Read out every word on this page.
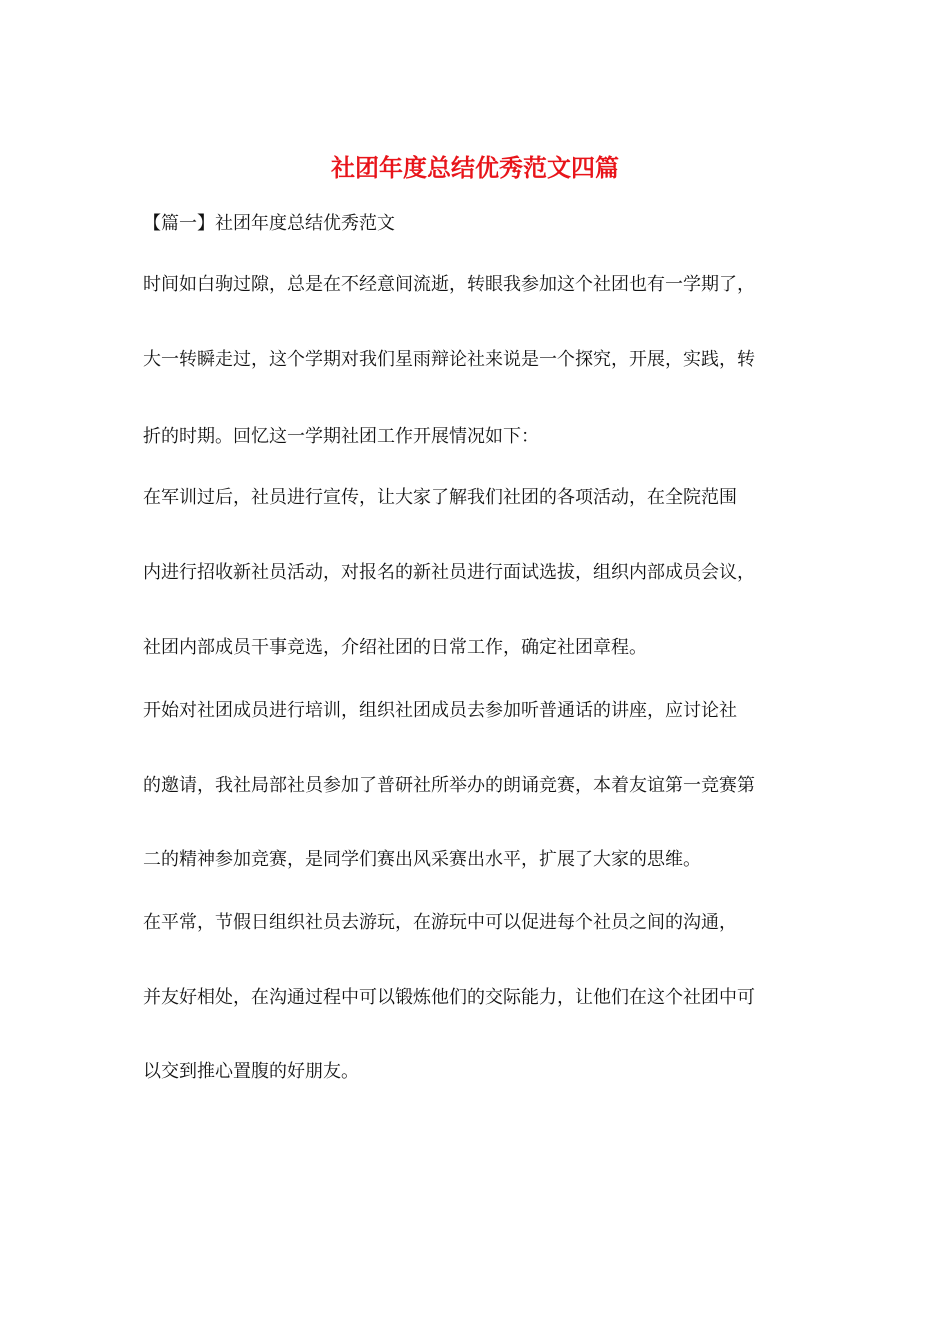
社团年度总结优秀范文四篇

【篇一】社团年度总结优秀范文

时间如白驹过隙，总是在不经意间流逝，转眼我参加这个社团也有一学期了，

大一转瞬走过，这个学期对我们星雨辩论社来说是一个探究，开展，实践，转

折的时期。回忆这一学期社团工作开展情况如下：

在军训过后，社员进行宣传，让大家了解我们社团的各项活动，在全院范围

内进行招收新社员活动，对报名的新社员进行面试选拔，组织内部成员会议，

社团内部成员干事竞选，介绍社团的日常工作，确定社团章程。

开始对社团成员进行培训，组织社团成员去参加听普通话的讲座，应讨论社

的邀请，我社局部社员参加了普研社所举办的朗诵竞赛，本着友谊第一竞赛第

二的精神参加竞赛，是同学们赛出风采赛出水平，扩展了大家的思维。

在平常，节假日组织社员去游玩，在游玩中可以促进每个社员之间的沟通，

并友好相处，在沟通过程中可以锻炼他们的交际能力，让他们在这个社团中可

以交到推心置腹的好朋友。
